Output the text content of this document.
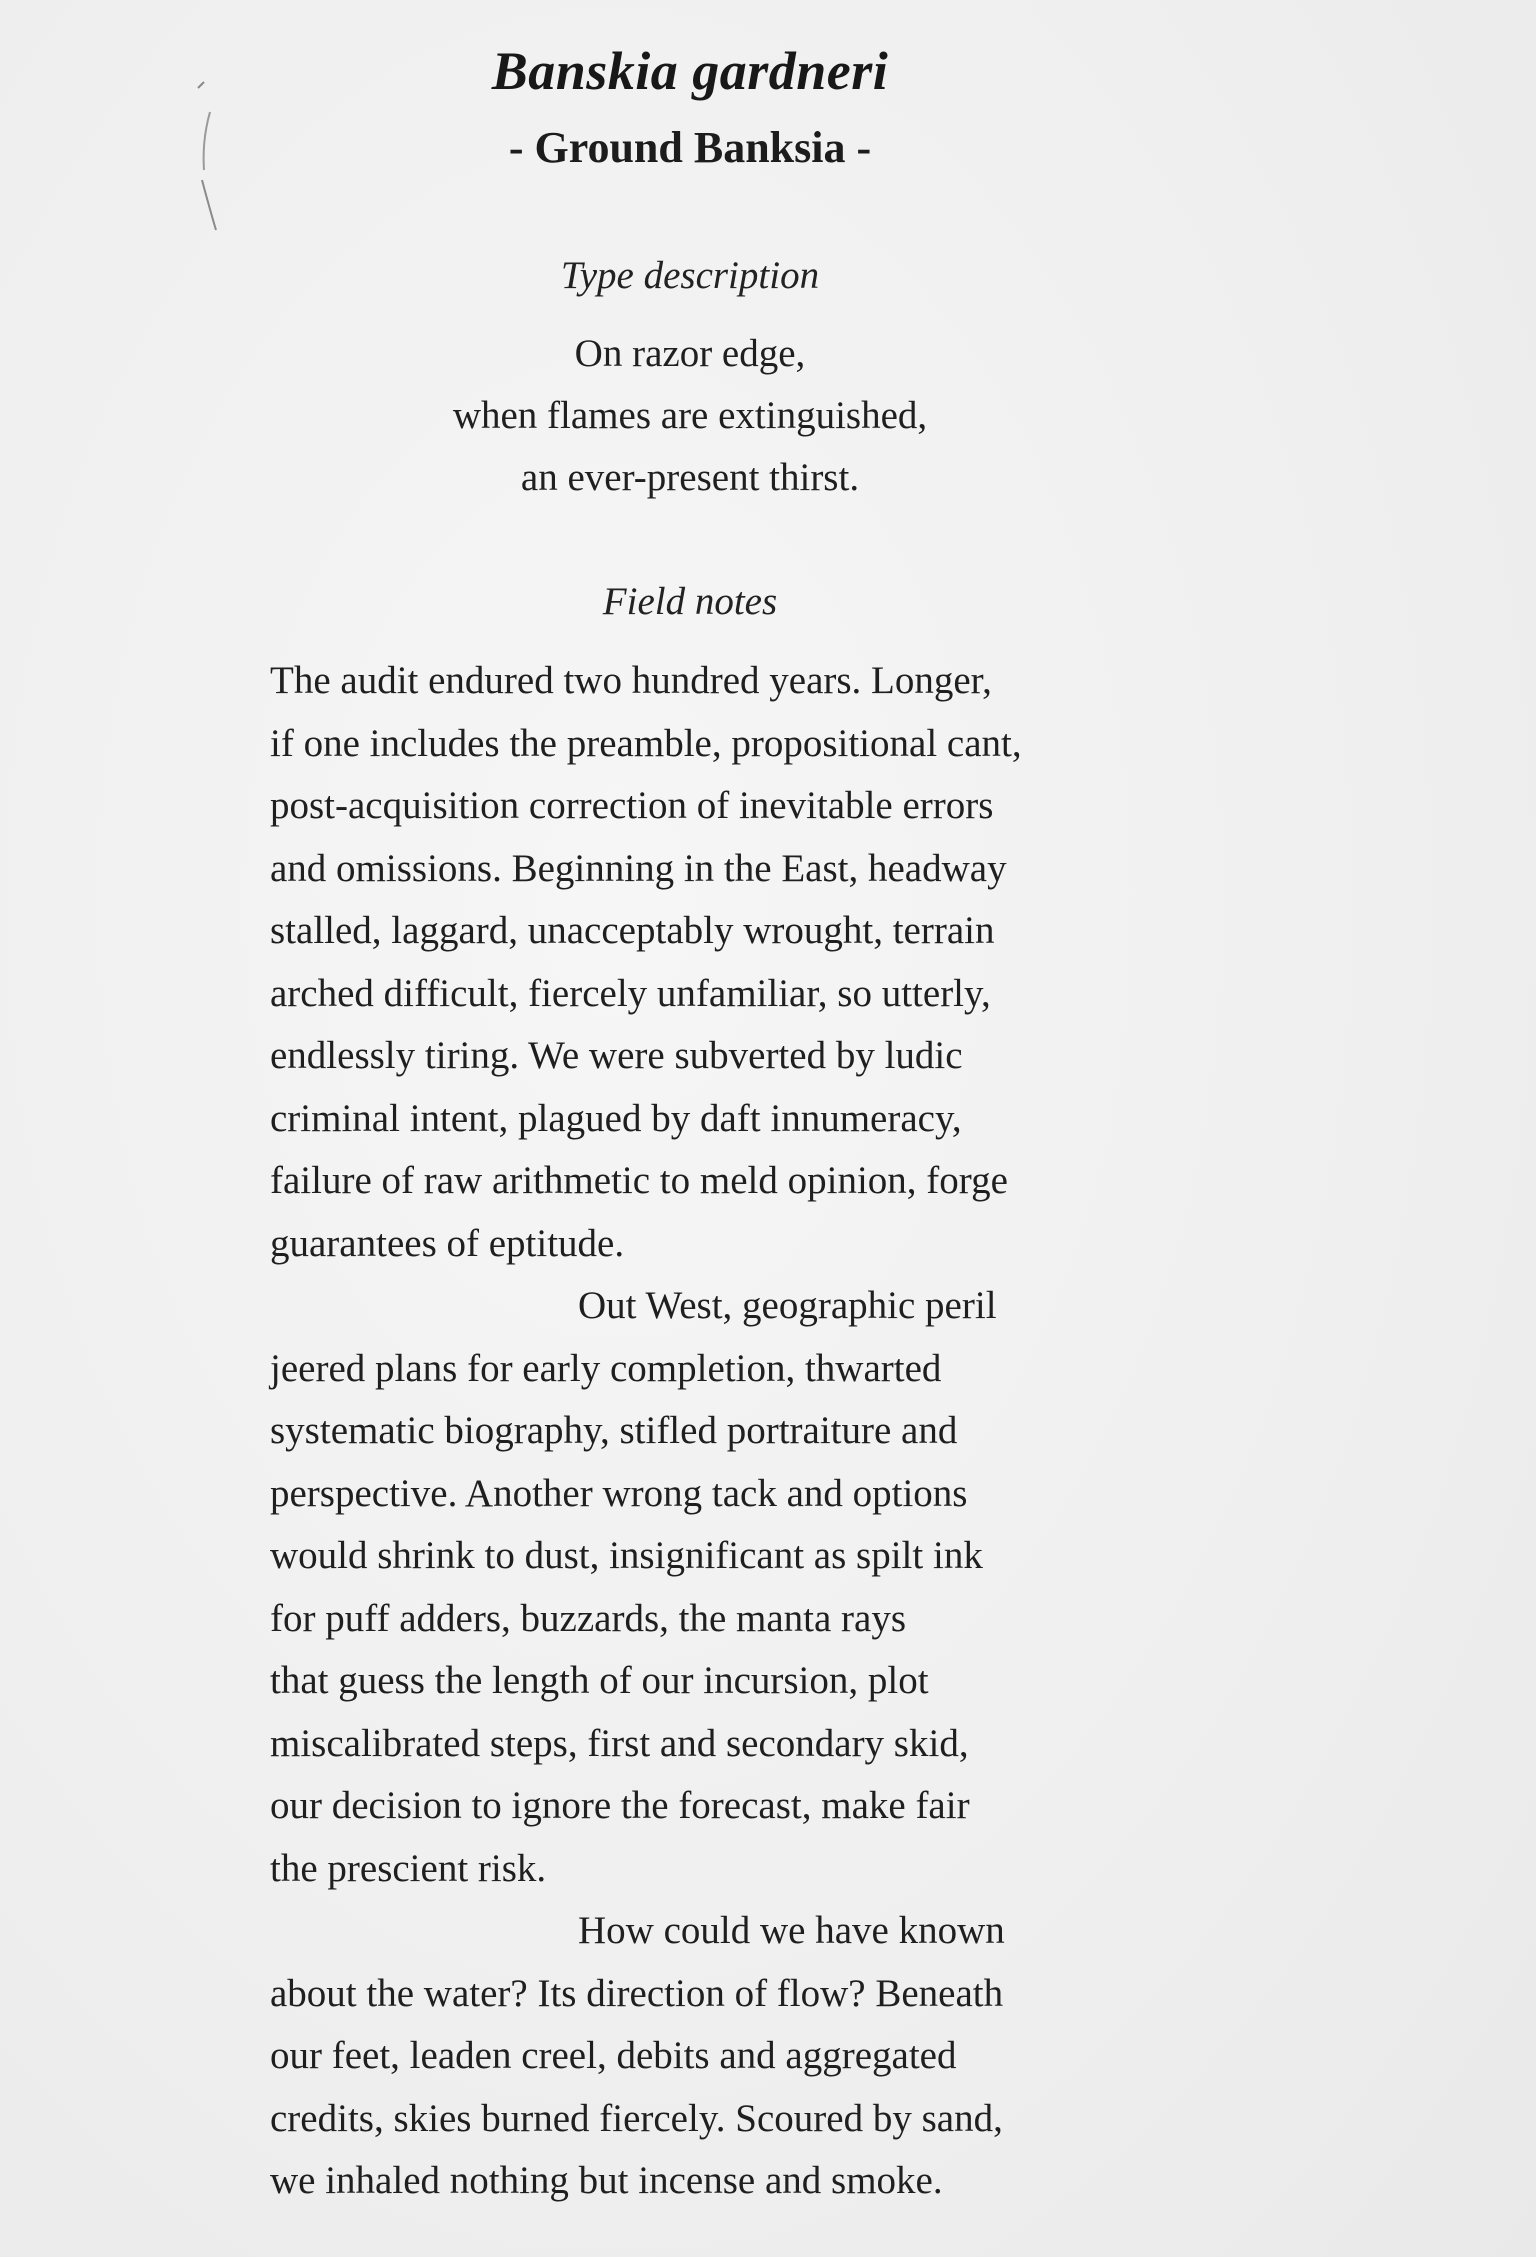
Banskia gardneri
- Ground Banksia -
Type description
On razor edge,
when flames are extinguished,
an ever-present thirst.
Field notes
The audit endured two hundred years. Longer,
if one includes the preamble, propositional cant,
post-acquisition correction of inevitable errors
and omissions. Beginning in the East, headway
stalled, laggard, unacceptably wrought, terrain
arched difficult, fiercely unfamiliar, so utterly,
endlessly tiring. We were subverted by ludic
criminal intent, plagued by daft innumeracy,
failure of raw arithmetic to meld opinion, forge
guarantees of eptitude.
Out West, geographic peril
jeered plans for early completion, thwarted
systematic biography, stifled portraiture and
perspective. Another wrong tack and options
would shrink to dust, insignificant as spilt ink
for puff adders, buzzards, the manta rays
that guess the length of our incursion, plot
miscalibrated steps, first and secondary skid,
our decision to ignore the forecast, make fair
the prescient risk.
How could we have known
about the water? Its direction of flow? Beneath
our feet, leaden creel, debits and aggregated
credits, skies burned fiercely. Scoured by sand,
we inhaled nothing but incense and smoke.
